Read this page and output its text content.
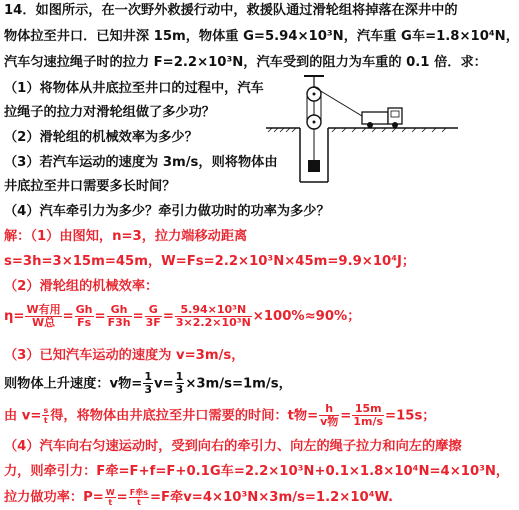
14．如图所示，在一次野外救援行动中，救援队通过滑轮组将掉落在深井中的
物体拉至井口．已知井深 15m，物体重 G=5.94×10³N，汽车重 G车=1.8×10⁴N，
汽车匀速拉绳子时的拉力 F=2.2×10³N，汽车受到的阻力为车重的 0.1 倍．求：
（1）将物体从井底拉至井口的过程中，汽车
拉绳子的拉力对滑轮组做了多少功？
（2）滑轮组的机械效率为多少？
（3）若汽车运动的速度为 3m/s，则将物体由
井底拉至井口需要多长时间？
（4）汽车牵引力为多少？牵引力做功时的功率为多少？
解：（1）由图知，n=3，拉力端移动距离
s=3h=3×15m=45m，W=Fs=2.2×10³N×45m=9.9×10⁴J；
（2）滑轮组的机械效率：
$\eta= \frac{\text{W有用}}{\text{W总}} = \frac{Gh}{Fs} = \frac{Gh}{F3h} = \frac{G}{3F} = \frac{\text{5.94×10³N}}{\text{3×2.2×10³N}} \times 100\%\approx 90\%$；
（3）已知汽车运动的速度为 v=3m/s，
则物体上升速度：v物= $\frac{1}{3} v= \frac{1}{3} \times 3m/s=1m/s$，
由 $v= \frac{s}{t}$ 得，将物体由井底拉至井口需要的时间：t物= $\frac{h}{\text{v物}} = \frac{15m}{1m/s} =15s$；
（4）汽车向右匀速运动时，受到向右的牵引力、向左的绳子拉力和向左的摩擦
力，则牵引力：F牵=F+f=F+0.1G车=2.2×10³N+0.1×1.8×10⁴N=4×10³N，
拉力做功率：$P= \frac{W}{t} = \frac{\text{F牵s}}{t} =F$牵v=4×10³N×3m/s=1.2×10⁴W.
